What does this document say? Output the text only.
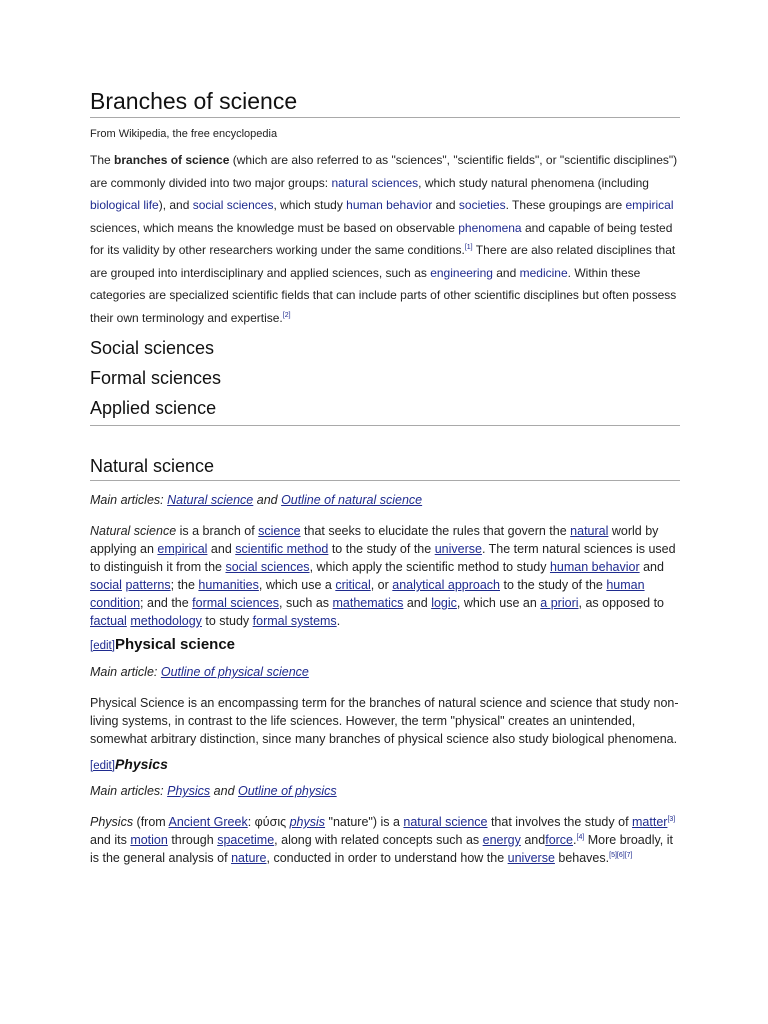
Branches of science

From Wikipedia, the free encyclopedia

The branches of science (which are also referred to as "sciences", "scientific fields", or "scientific disciplines") are commonly divided into two major groups: natural sciences, which study natural phenomena (including biological life), and social sciences, which study human behavior and societies. These groupings are empirical sciences, which means the knowledge must be based on observable phenomena and capable of being tested for its validity by other researchers working under the same conditions.[1] There are also related disciplines that are grouped into interdisciplinary and applied sciences, such as engineering and medicine. Within these categories are specialized scientific fields that can include parts of other scientific disciplines but often possess their own terminology and expertise.[2]

Social sciences
Formal sciences
Applied science
Natural science

Main articles: Natural science and Outline of natural science

Natural science is a branch of science that seeks to elucidate the rules that govern the natural world by applying an empirical and scientific method to the study of the universe. The term natural sciences is used to distinguish it from the social sciences, which apply the scientific method to study human behavior and social patterns; the humanities, which use a critical, or analytical approach to the study of the human condition; and the formal sciences, such as mathematics and logic, which use an a priori, as opposed to factual methodology to study formal systems.

[edit]Physical science

Main article: Outline of physical science

Physical Science is an encompassing term for the branches of natural science and science that study non-living systems, in contrast to the life sciences. However, the term "physical" creates an unintended, somewhat arbitrary distinction, since many branches of physical science also study biological phenomena.

[edit]Physics

Main articles: Physics and Outline of physics

Physics (from Ancient Greek: φύσις physis "nature") is a natural science that involves the study of matter[3] and its motion through spacetime, along with related concepts such as energy andforce.[4] More broadly, it is the general analysis of nature, conducted in order to understand how the universe behaves.[5][6][7]
